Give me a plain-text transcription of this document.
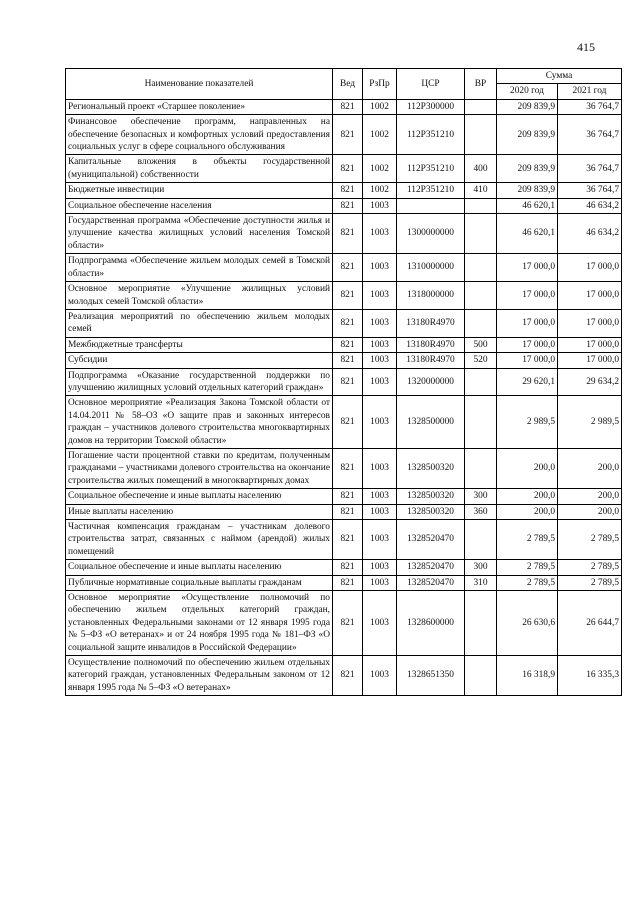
415
Наименование показателей	Вед	РзПр	ЦСР	ВР	Сумма	
					2020 год	2021 год
Региональный проект «Старшее поколение»	821	1002	112P300000		209 839,9	36 764,7
Финансовое обеспечение программ, направленных на обеспечение безопасных и комфортных условий предоставления социальных услуг в сфере социального обслуживания	821	1002	112P351210		209 839,9	36 764,7
Капитальные вложения в объекты государственной (муниципальной) собственности	821	1002	112P351210	400	209 839,9	36 764,7
Бюджетные инвестиции	821	1002	112P351210	410	209 839,9	36 764,7
Социальное обеспечение населения	821	1003			46 620,1	46 634,2
Государственная программа «Обеспечение доступности жилья и улучшение качества жилищных условий населения Томской области»	821	1003	1300000000		46 620,1	46 634,2
Подпрограмма «Обеспечение жильем молодых семей в Томской области»	821	1003	1310000000		17 000,0	17 000,0
Основное мероприятие «Улучшение жилищных условий молодых семей Томской области»	821	1003	1318000000		17 000,0	17 000,0
Реализация мероприятий по обеспечению жильем молодых семей	821	1003	13180R4970		17 000,0	17 000,0
Межбюджетные трансферты	821	1003	13180R4970	500	17 000,0	17 000,0
Субсидии	821	1003	13180R4970	520	17 000,0	17 000,0
Подпрограмма «Оказание государственной поддержки по улучшению жилищных условий отдельных категорий граждан»	821	1003	1320000000		29 620,1	29 634,2
Основное мероприятие «Реализация Закона Томской области от 14.04.2011 № 58–ОЗ «О защите прав и законных интересов граждан – участников долевого строительства многоквартирных домов на территории Томской области»	821	1003	1328500000		2 989,5	2 989,5
Погашение части процентной ставки по кредитам, полученным гражданами – участниками долевого строительства на окончание строительства жилых помещений в многоквартирных домах	821	1003	1328500320		200,0	200,0
Социальное обеспечение и иные выплаты населению	821	1003	1328500320	300	200,0	200,0
Иные выплаты населению	821	1003	1328500320	360	200,0	200,0
Частичная компенсация гражданам – участникам долевого строительства затрат, связанных с наймом (арендой) жилых помещений	821	1003	1328520470		2 789,5	2 789,5
Социальное обеспечение и иные выплаты населению	821	1003	1328520470	300	2 789,5	2 789,5
Публичные нормативные социальные выплаты гражданам	821	1003	1328520470	310	2 789,5	2 789,5
Основное мероприятие «Осуществление полномочий по обеспечению жильем отдельных категорий граждан, установленных Федеральными законами от 12 января 1995 года № 5–ФЗ «О ветеранах» и от 24 ноября 1995 года № 181–ФЗ «О социальной защите инвалидов в Российской Федерации»	821	1003	1328600000		26 630,6	26 644,7
Осуществление полномочий по обеспечению жильем отдельных категорий граждан, установленных Федеральным законом от 12 января 1995 года № 5–ФЗ «О ветеранах»	821	1003	1328651350		16 318,9	16 335,3
